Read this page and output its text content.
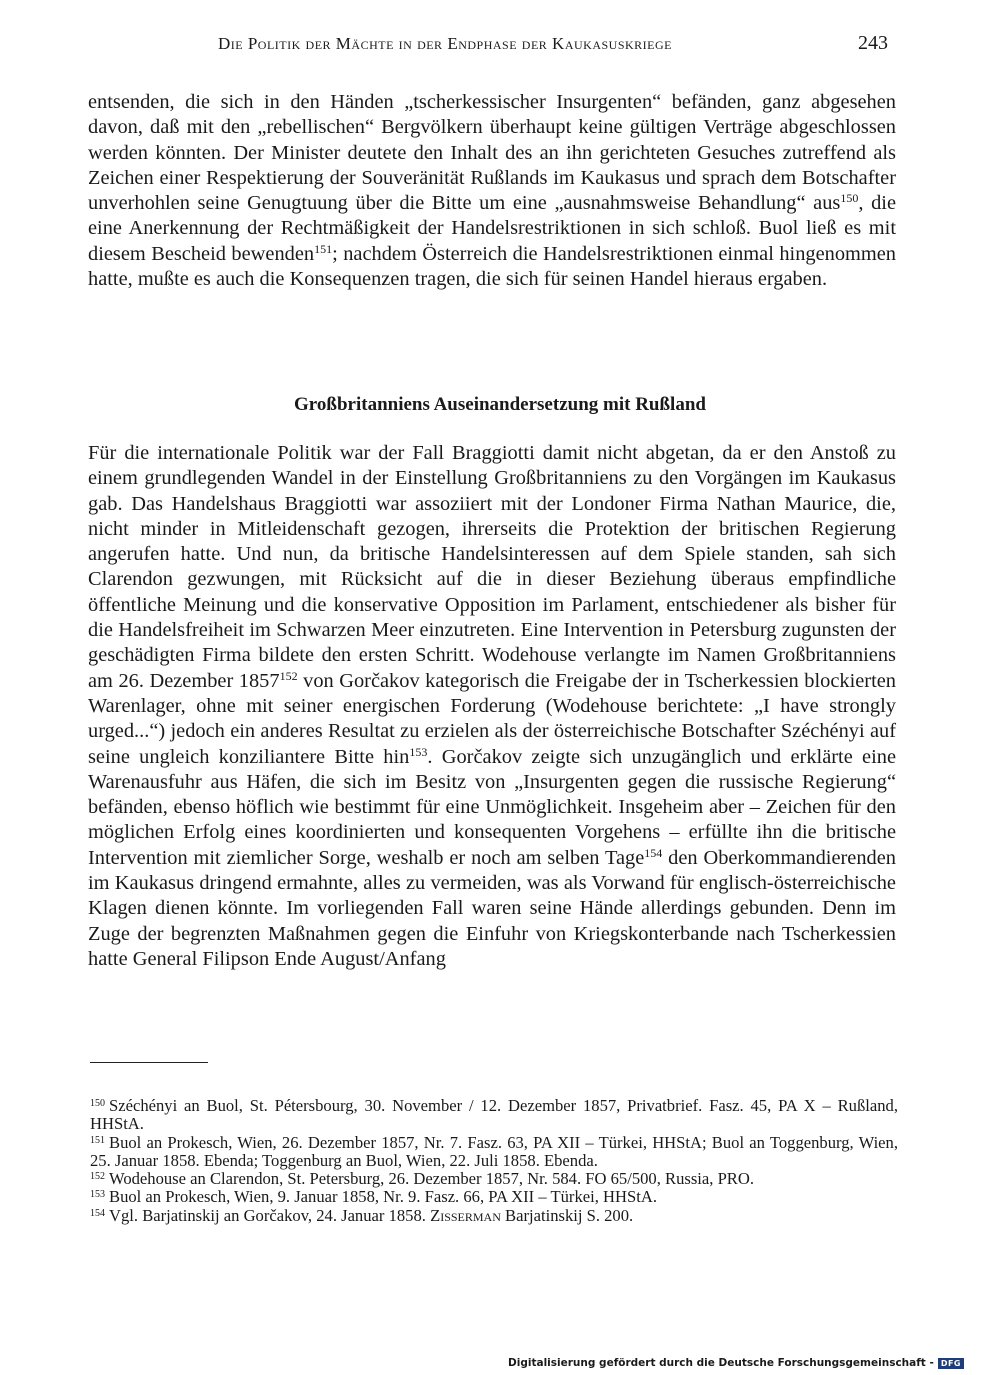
Die Politik der Mächte in der Endphase der Kaukasuskriege	243

entsenden, die sich in den Händen „tscherkessischer Insurgenten“ befänden, ganz abgesehen davon, daß mit den „rebellischen“ Bergvölkern überhaupt keine gültigen Verträge abgeschlossen werden könnten. Der Minister deutete den Inhalt des an ihn gerichteten Gesuches zutreffend als Zeichen einer Respektierung der Souveränität Rußlands im Kaukasus und sprach dem Botschafter unverhohlen seine Genugtuung über die Bitte um eine „ausnahmsweise Behandlung“ aus$^{150}$, die eine Anerkennung der Rechtmäßigkeit der Handelsrestriktionen in sich schloß. Buol ließ es mit diesem Bescheid bewenden$^{151}$; nachdem Österreich die Handelsrestriktionen einmal hingenommen hatte, mußte es auch die Konsequenzen tragen, die sich für seinen Handel hieraus ergaben.

Großbritanniens Auseinandersetzung mit Rußland

Für die internationale Politik war der Fall Braggiotti damit nicht abgetan, da er den Anstoß zu einem grundlegenden Wandel in der Einstellung Großbritanniens zu den Vorgängen im Kaukasus gab. Das Handelshaus Braggiotti war assoziiert mit der Londoner Firma Nathan Maurice, die, nicht minder in Mitleidenschaft gezogen, ihrerseits die Protektion der britischen Regierung angerufen hatte. Und nun, da britische Handelsinteressen auf dem Spiele standen, sah sich Clarendon gezwungen, mit Rücksicht auf die in dieser Beziehung überaus empfindliche öffentliche Meinung und die konservative Opposition im Parlament, entschiedener als bisher für die Handelsfreiheit im Schwarzen Meer einzutreten. Eine Intervention in Petersburg zugunsten der geschädigten Firma bildete den ersten Schritt. Wodehouse verlangte im Namen Großbritanniens am 26. Dezember 1857$^{152}$ von Gorčakov kategorisch die Freigabe der in Tscherkessien blockierten Warenlager, ohne mit seiner energischen Forderung (Wodehouse berichtete: „I have strongly urged...“) jedoch ein anderes Resultat zu erzielen als der österreichische Botschafter Széchényi auf seine ungleich konziliantere Bitte hin$^{153}$. Gorčakov zeigte sich unzugänglich und erklärte eine Warenausfuhr aus Häfen, die sich im Besitz von „Insurgenten gegen die russische Regierung“ befänden, ebenso höflich wie bestimmt für eine Unmöglichkeit. Insgeheim aber – Zeichen für den möglichen Erfolg eines koordinierten und konsequenten Vorgehens – erfüllte ihn die britische Intervention mit ziemlicher Sorge, weshalb er noch am selben Tage$^{154}$ den Oberkommandierenden im Kaukasus dringend ermahnte, alles zu vermeiden, was als Vorwand für englisch-österreichische Klagen dienen könnte. Im vorliegenden Fall waren seine Hände allerdings gebunden. Denn im Zuge der begrenzten Maßnahmen gegen die Einfuhr von Kriegskonterbande nach Tscherkessien hatte General Filipson Ende August/Anfang

$^{150}$ Széchényi an Buol, St. Pétersbourg, 30. November / 12. Dezember 1857, Privatbrief. Fasz. 45, PA X – Rußland, HHStA.

$^{151}$ Buol an Prokesch, Wien, 26. Dezember 1857, Nr. 7. Fasz. 63, PA XII – Türkei, HHStA; Buol an Toggenburg, Wien, 25. Januar 1858. Ebenda; Toggenburg an Buol, Wien, 22. Juli 1858. Ebenda.

$^{152}$ Wodehouse an Clarendon, St. Petersburg, 26. Dezember 1857, Nr. 584. FO 65/500, Russia, PRO.

$^{153}$ Buol an Prokesch, Wien, 9. Januar 1858, Nr. 9. Fasz. 66, PA XII – Türkei, HHStA.

$^{154}$ Vgl. Barjatinskij an Gorčakov, 24. Januar 1858. Zisserman Barjatinskij S. 200.

Digitalisierung gefördert durch die Deutsche Forschungsgemeinschaft - DFG
